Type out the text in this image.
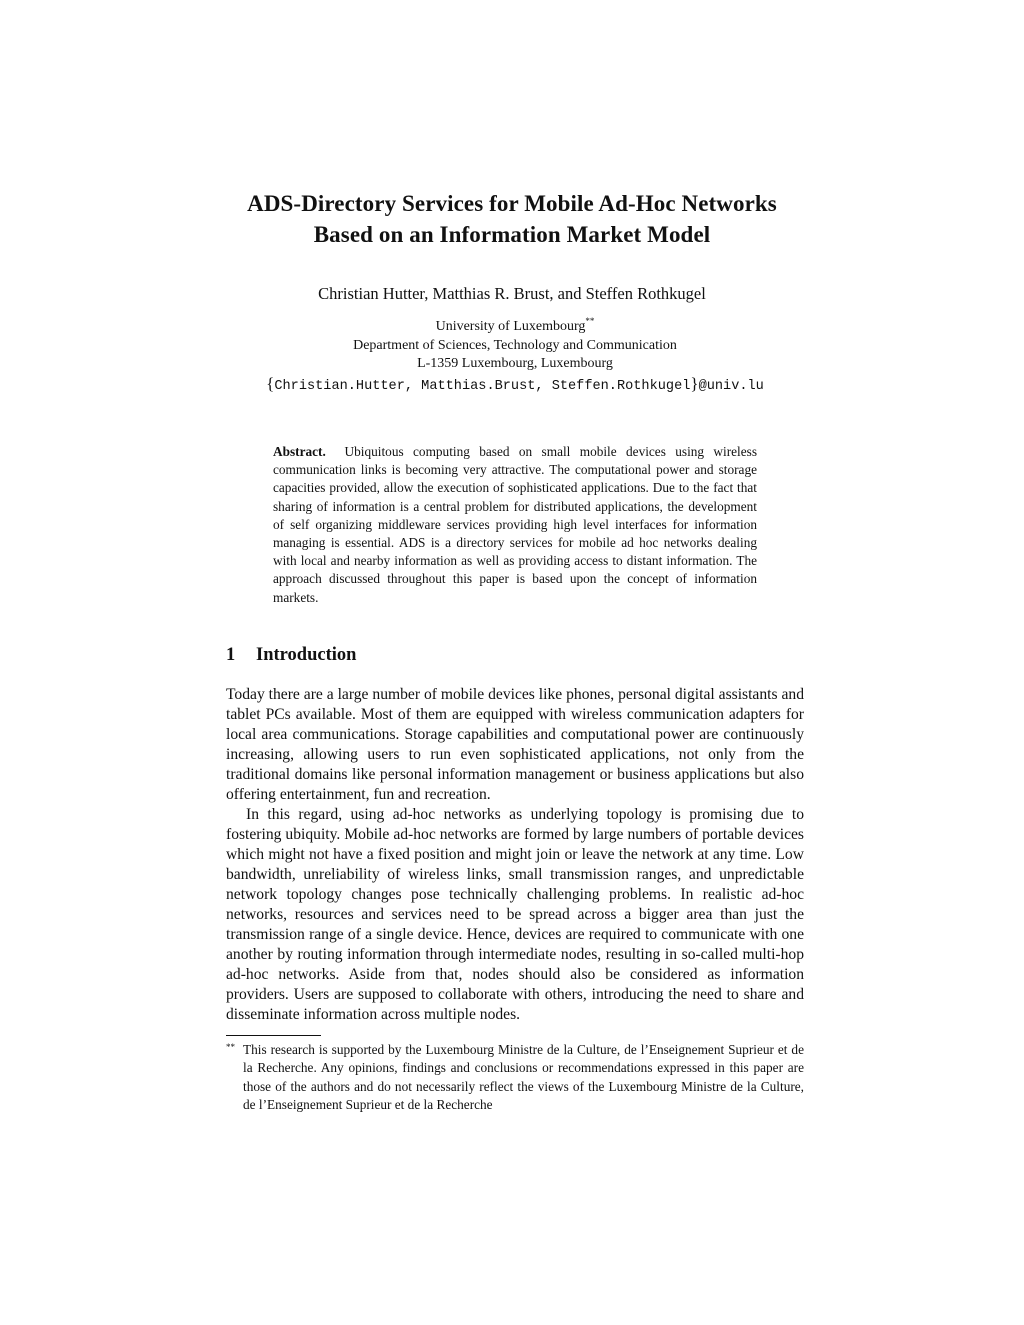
ADS-Directory Services for Mobile Ad-Hoc Networks
Based on an Information Market Model
Christian Hutter, Matthias R. Brust, and Steffen Rothkugel
University of Luxembourg**
Department of Sciences, Technology and Communication
L-1359 Luxembourg, Luxembourg
{Christian.Hutter, Matthias.Brust, Steffen.Rothkugel}@univ.lu
Abstract. Ubiquitous computing based on small mobile devices using wireless communication links is becoming very attractive. The computational power and storage capacities provided, allow the execution of sophisticated applications. Due to the fact that sharing of information is a central problem for distributed applications, the development of self organizing middleware services providing high level interfaces for information managing is essential. ADS is a directory services for mobile ad hoc networks dealing with local and nearby information as well as providing access to distant information. The approach discussed throughout this paper is based upon the concept of information markets.
1 Introduction

Today there are a large number of mobile devices like phones, personal digital assistants and tablet PCs available. Most of them are equipped with wireless communication adapters for local area communications. Storage capabilities and computational power are continuously increasing, allowing users to run even sophisticated applications, not only from the traditional domains like personal information management or business applications but also offering entertainment, fun and recreation.

In this regard, using ad-hoc networks as underlying topology is promising due to fostering ubiquity. Mobile ad-hoc networks are formed by large numbers of portable devices which might not have a fixed position and might join or leave the network at any time. Low bandwidth, unreliability of wireless links, small transmission ranges, and unpredictable network topology changes pose technically challenging problems. In realistic ad-hoc networks, resources and services need to be spread across a bigger area than just the transmission range of a single device. Hence, devices are required to communicate with one another by routing information through intermediate nodes, resulting in so-called multi-hop ad-hoc networks. Aside from that, nodes should also be considered as information providers. Users are supposed to collaborate with others, introducing the need to share and disseminate information across multiple nodes.

** This research is supported by the Luxembourg Ministre de la Culture, de l’Enseignement Suprieur et de la Recherche. Any opinions, findings and conclusions or recommendations expressed in this paper are those of the authors and do not necessarily reflect the views of the Luxembourg Ministre de la Culture, de l’Enseignement Suprieur et de la Recherche
